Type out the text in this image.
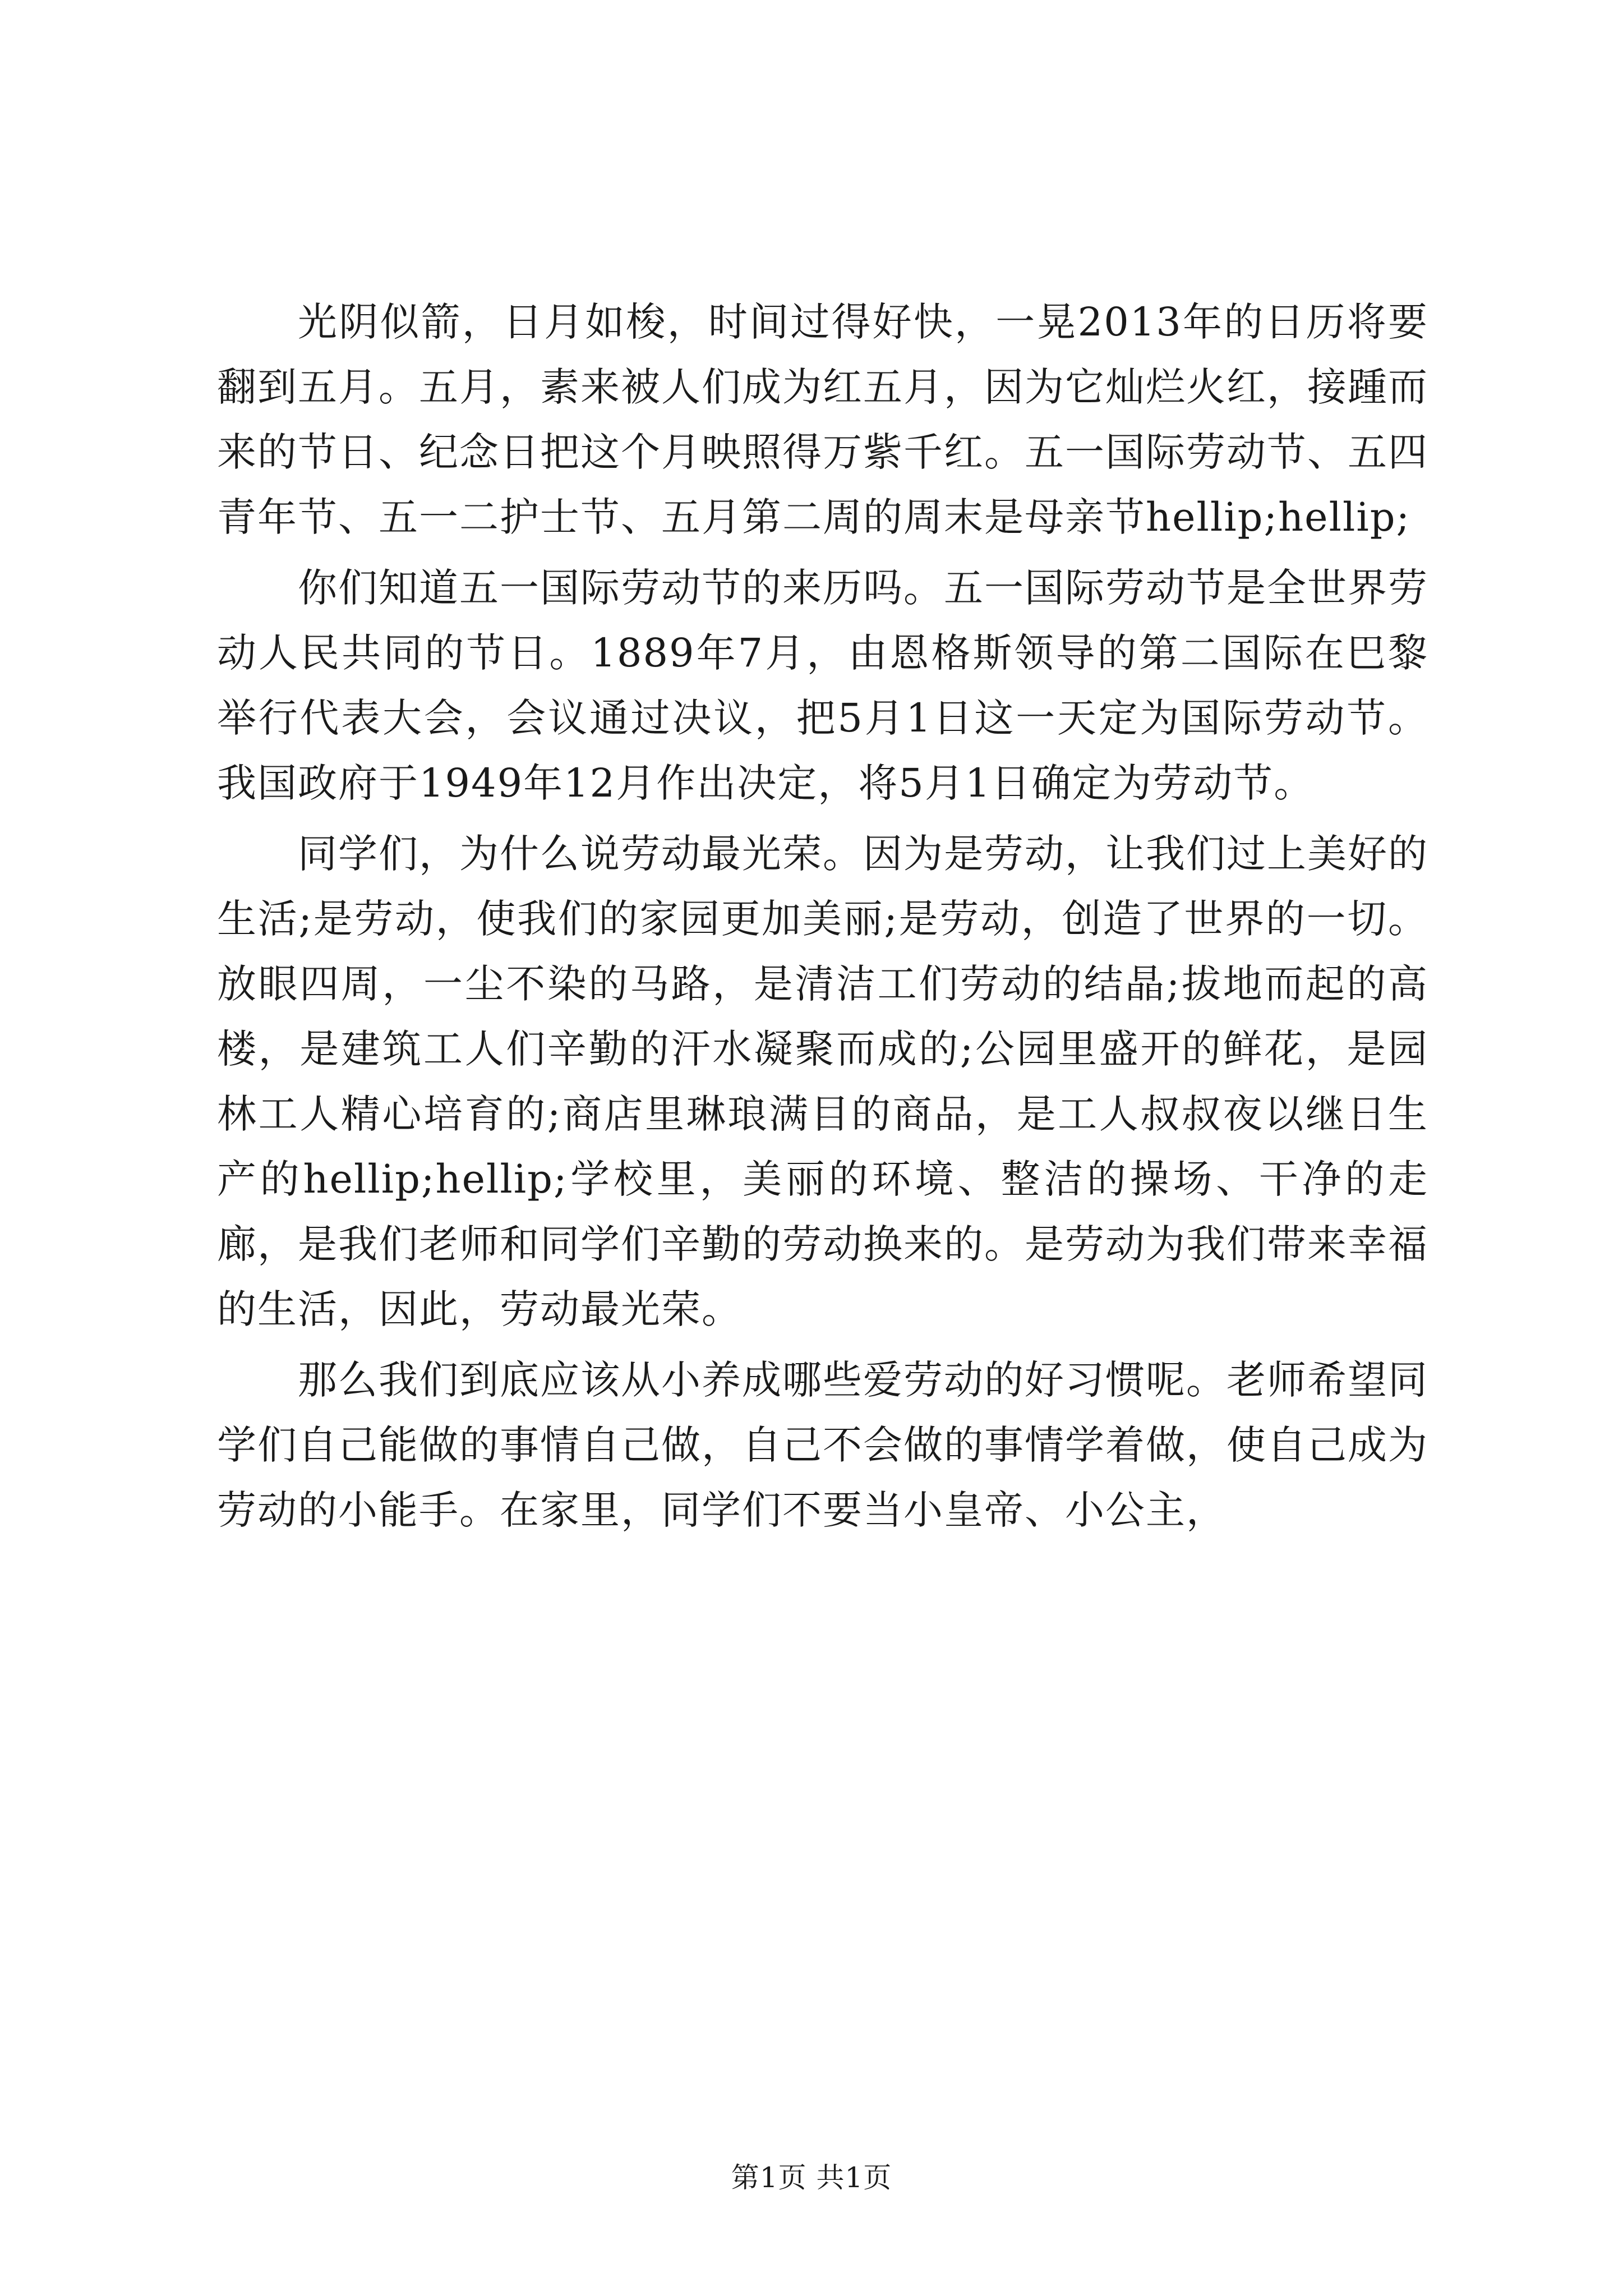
光阴似箭，日月如梭，时间过得好快，一晃2013年的日历将要翻到五月。五月，素来被人们成为红五月，因为它灿烂火红，接踵而来的节日、纪念日把这个月映照得万紫千红。五一国际劳动节、五四青年节、五一二护士节、五月第二周的周末是母亲节hellip;hellip;

你们知道五一国际劳动节的来历吗。五一国际劳动节是全世界劳动人民共同的节日。1889年7月，由恩格斯领导的第二国际在巴黎举行代表大会，会议通过决议，把5月1日这一天定为国际劳动节。我国政府于1949年12月作出决定，将5月1日确定为劳动节。

同学们，为什么说劳动最光荣。因为是劳动，让我们过上美好的生活;是劳动，使我们的家园更加美丽;是劳动，创造了世界的一切。放眼四周，一尘不染的马路，是清洁工们劳动的结晶;拔地而起的高楼，是建筑工人们辛勤的汗水凝聚而成的;公园里盛开的鲜花，是园林工人精心培育的;商店里琳琅满目的商品，是工人叔叔夜以继日生产的hellip;hellip;学校里，美丽的环境、整洁的操场、干净的走廊，是我们老师和同学们辛勤的劳动换来的。是劳动为我们带来幸福的生活，因此，劳动最光荣。

那么我们到底应该从小养成哪些爱劳动的好习惯呢。老师希望同学们自己能做的事情自己做，自己不会做的事情学着做，使自己成为劳动的小能手。在家里，同学们不要当小皇帝、小公主，

第1页 共1页
